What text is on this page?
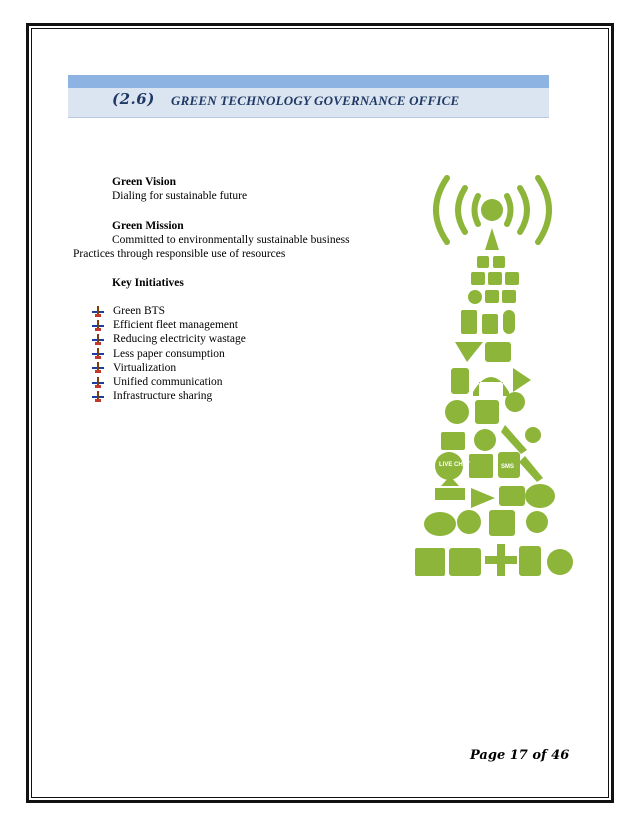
(2.6) GREEN TECHNOLOGY GOVERNANCE OFFICE
Green Vision
Dialing for sustainable future
Green Mission
Committed to environmentally sustainable business
Practices through responsible use of resources
Key Initiatives
Green BTS
Efficient fleet management
Reducing electricity wastage
Less paper consumption
Virtualization
Unified communication
Infrastructure sharing
LIVE CHAT	SMS
Page 17 of 46
